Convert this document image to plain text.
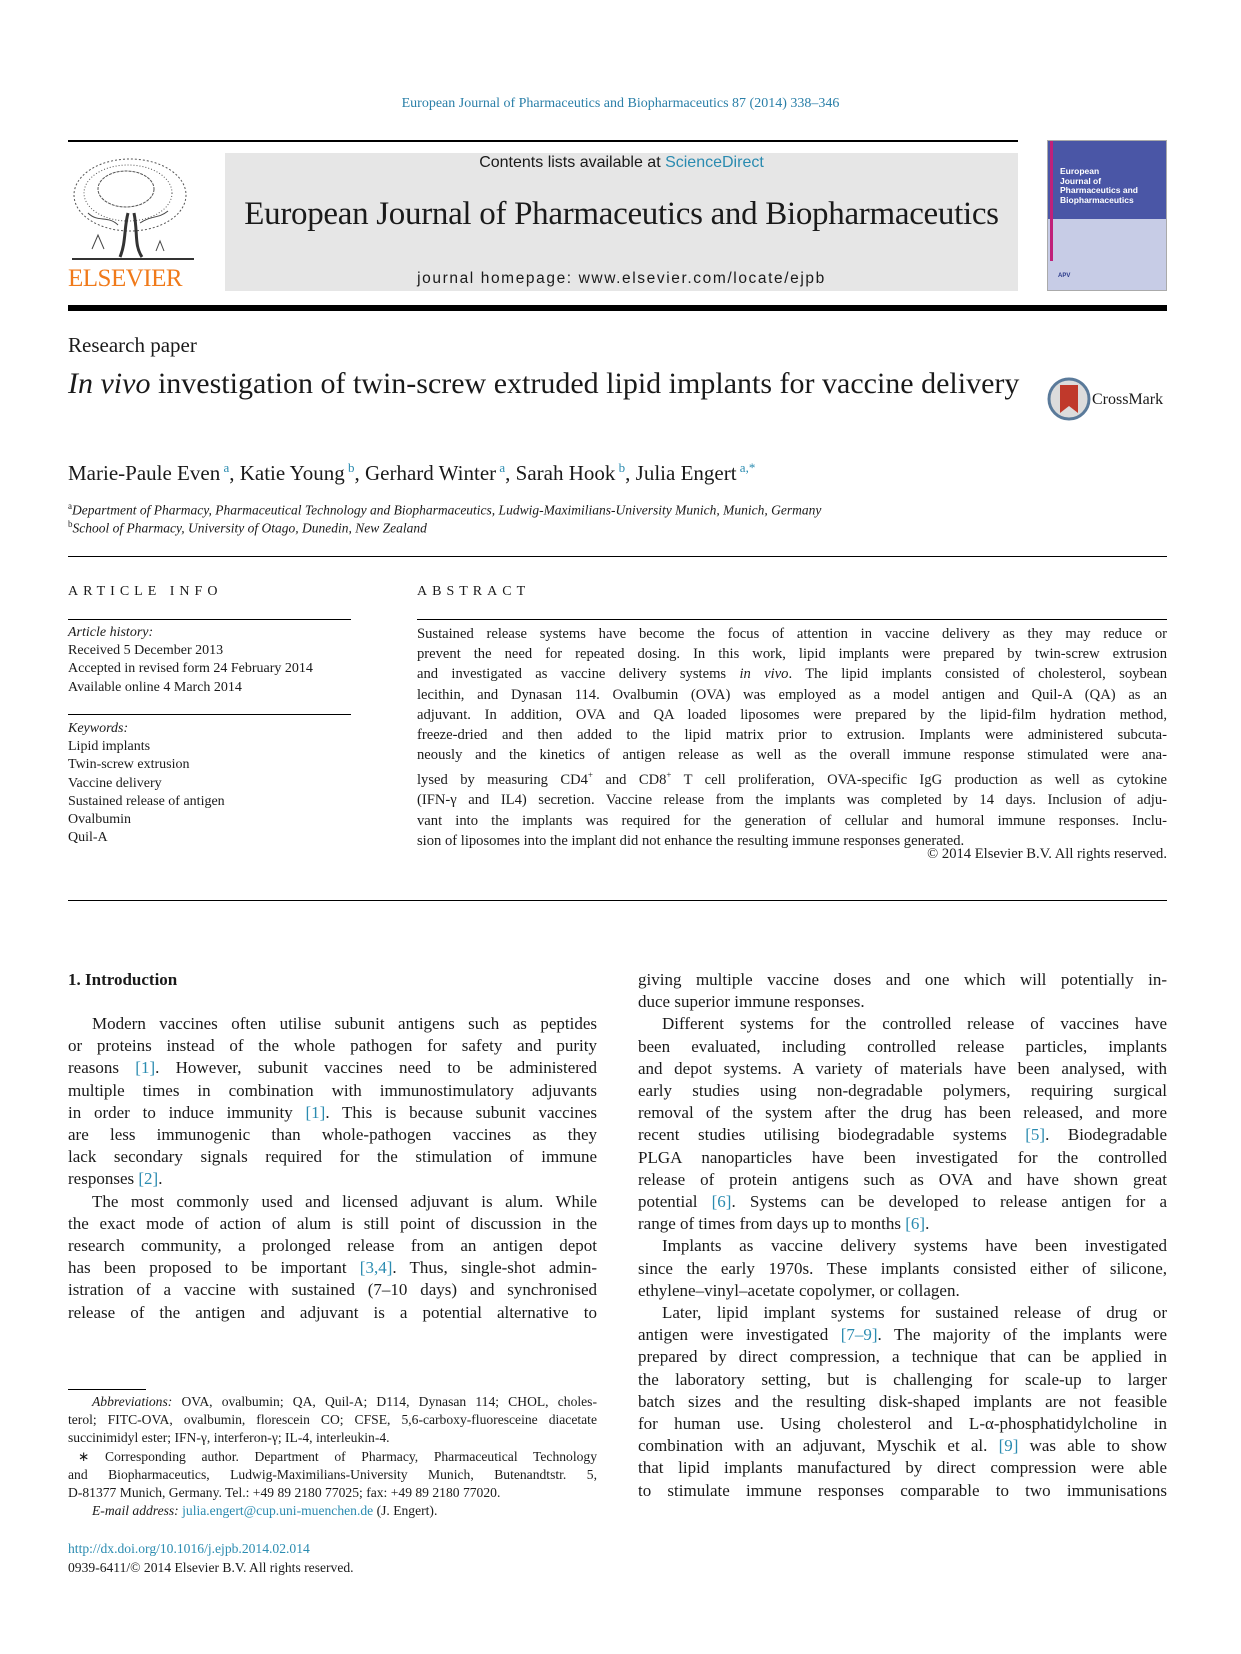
European Journal of Pharmaceutics and Biopharmaceutics 87 (2014) 338–346
ELSEVIER
Contents lists available at ScienceDirect
European Journal of Pharmaceutics and Biopharmaceutics
journal homepage: www.elsevier.com/locate/ejpb
European
Journal of
Pharmaceutics and
Biopharmaceutics
APV
Research paper
In vivo investigation of twin-screw extruded lipid implants for vaccine delivery	CrossMark
Marie-Paule Even $^a$, Katie Young $^b$, Gerhard Winter $^a$, Sarah Hook $^b$, Julia Engert $^{a,*}$
$^a$Department of Pharmacy, Pharmaceutical Technology and Biopharmaceutics, Ludwig-Maximilians-University Munich, Munich, Germany
$^b$School of Pharmacy, University of Otago, Dunedin, New Zealand
ARTICLE INFO
Article history:
Received 5 December 2013
Accepted in revised form 24 February 2014
Available online 4 March 2014
Keywords:
Lipid implants
Twin-screw extrusion
Vaccine delivery
Sustained release of antigen
Ovalbumin
Quil-A
ABSTRACT
Sustained release systems have become the focus of attention in vaccine delivery as they may reduce or
prevent the need for repeated dosing. In this work, lipid implants were prepared by twin-screw extrusion
and investigated as vaccine delivery systems in vivo. The lipid implants consisted of cholesterol, soybean
lecithin, and Dynasan 114. Ovalbumin (OVA) was employed as a model antigen and Quil-A (QA) as an
adjuvant. In addition, OVA and QA loaded liposomes were prepared by the lipid-film hydration method,
freeze-dried and then added to the lipid matrix prior to extrusion. Implants were administered subcuta-
neously and the kinetics of antigen release as well as the overall immune response stimulated were ana-
lysed by measuring CD4+ and CD8+ T cell proliferation, OVA-specific IgG production as well as cytokine
(IFN-γ and IL4) secretion. Vaccine release from the implants was completed by 14 days. Inclusion of adju-
vant into the implants was required for the generation of cellular and humoral immune responses. Inclu-
sion of liposomes into the implant did not enhance the resulting immune responses generated.
© 2014 Elsevier B.V. All rights reserved.
1. Introduction
Modern vaccines often utilise subunit antigens such as peptides
or proteins instead of the whole pathogen for safety and purity
reasons [1]. However, subunit vaccines need to be administered
multiple times in combination with immunostimulatory adjuvants
in order to induce immunity [1]. This is because subunit vaccines
are less immunogenic than whole-pathogen vaccines as they
lack secondary signals required for the stimulation of immune
responses [2].
The most commonly used and licensed adjuvant is alum. While
the exact mode of action of alum is still point of discussion in the
research community, a prolonged release from an antigen depot
has been proposed to be important [3,4]. Thus, single-shot admin-
istration of a vaccine with sustained (7–10 days) and synchronised
release of the antigen and adjuvant is a potential alternative to
giving multiple vaccine doses and one which will potentially in-
duce superior immune responses.
Different systems for the controlled release of vaccines have
been evaluated, including controlled release particles, implants
and depot systems. A variety of materials have been analysed, with
early studies using non-degradable polymers, requiring surgical
removal of the system after the drug has been released, and more
recent studies utilising biodegradable systems [5]. Biodegradable
PLGA nanoparticles have been investigated for the controlled
release of protein antigens such as OVA and have shown great
potential [6]. Systems can be developed to release antigen for a
range of times from days up to months [6].
Implants as vaccine delivery systems have been investigated
since the early 1970s. These implants consisted either of silicone,
ethylene–vinyl–acetate copolymer, or collagen.
Later, lipid implant systems for sustained release of drug or
antigen were investigated [7–9]. The majority of the implants were
prepared by direct compression, a technique that can be applied in
the laboratory setting, but is challenging for scale-up to larger
batch sizes and the resulting disk-shaped implants are not feasible
for human use. Using cholesterol and L-α-phosphatidylcholine in
combination with an adjuvant, Myschik et al. [9] was able to show
that lipid implants manufactured by direct compression were able
to stimulate immune responses comparable to two immunisations
Abbreviations: OVA, ovalbumin; QA, Quil-A; D114, Dynasan 114; CHOL, choles-
terol; FITC-OVA, ovalbumin, florescein CO; CFSE, 5,6-carboxy-fluoresceine diacetate
succinimidyl ester; IFN-γ, interferon-γ; IL-4, interleukin-4.
∗ Corresponding author. Department of Pharmacy, Pharmaceutical Technology
and Biopharmaceutics, Ludwig-Maximilians-University Munich, Butenandtstr. 5,
D-81377 Munich, Germany. Tel.: +49 89 2180 77025; fax: +49 89 2180 77020.
E-mail address: julia.engert@cup.uni-muenchen.de (J. Engert).
http://dx.doi.org/10.1016/j.ejpb.2014.02.014
0939-6411/© 2014 Elsevier B.V. All rights reserved.
